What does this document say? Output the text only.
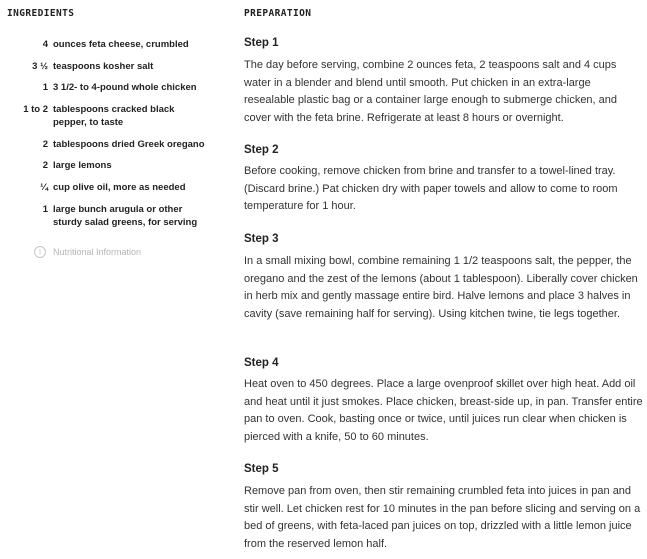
INGREDIENTS	PREPARATION
4 ounces feta cheese, crumbled
3 ½ teaspoons kosher salt
1 3 1/2- to 4-pound whole chicken
1 to 2 tablespoons cracked black pepper, to taste
2 tablespoons dried Greek oregano
2 large lemons
¼ cup olive oil, more as needed
1 large bunch arugula or other sturdy salad greens, for serving
i	Nutritional Information
Step 1
The day before serving, combine 2 ounces feta, 2 teaspoons salt and 4 cups water in a blender and blend until smooth. Put chicken in an extra-large resealable plastic bag or a container large enough to submerge chicken, and cover with the feta brine. Refrigerate at least 8 hours or overnight.
Step 2
Before cooking, remove chicken from brine and transfer to a towel-lined tray. (Discard brine.) Pat chicken dry with paper towels and allow to come to room temperature for 1 hour.
Step 3
In a small mixing bowl, combine remaining 1 1/2 teaspoons salt, the pepper, the oregano and the zest of the lemons (about 1 tablespoon). Liberally cover chicken in herb mix and gently massage entire bird. Halve lemons and place 3 halves in cavity (save remaining half for serving). Using kitchen twine, tie legs together.
Step 4
Heat oven to 450 degrees. Place a large ovenproof skillet over high heat. Add oil and heat until it just smokes. Place chicken, breast-side up, in pan. Transfer entire pan to oven. Cook, basting once or twice, until juices run clear when chicken is pierced with a knife, 50 to 60 minutes.
Step 5
Remove pan from oven, then stir remaining crumbled feta into juices in pan and stir well. Let chicken rest for 10 minutes in the pan before slicing and serving on a bed of greens, with feta-laced pan juices on top, drizzled with a little lemon juice from the reserved lemon half.
